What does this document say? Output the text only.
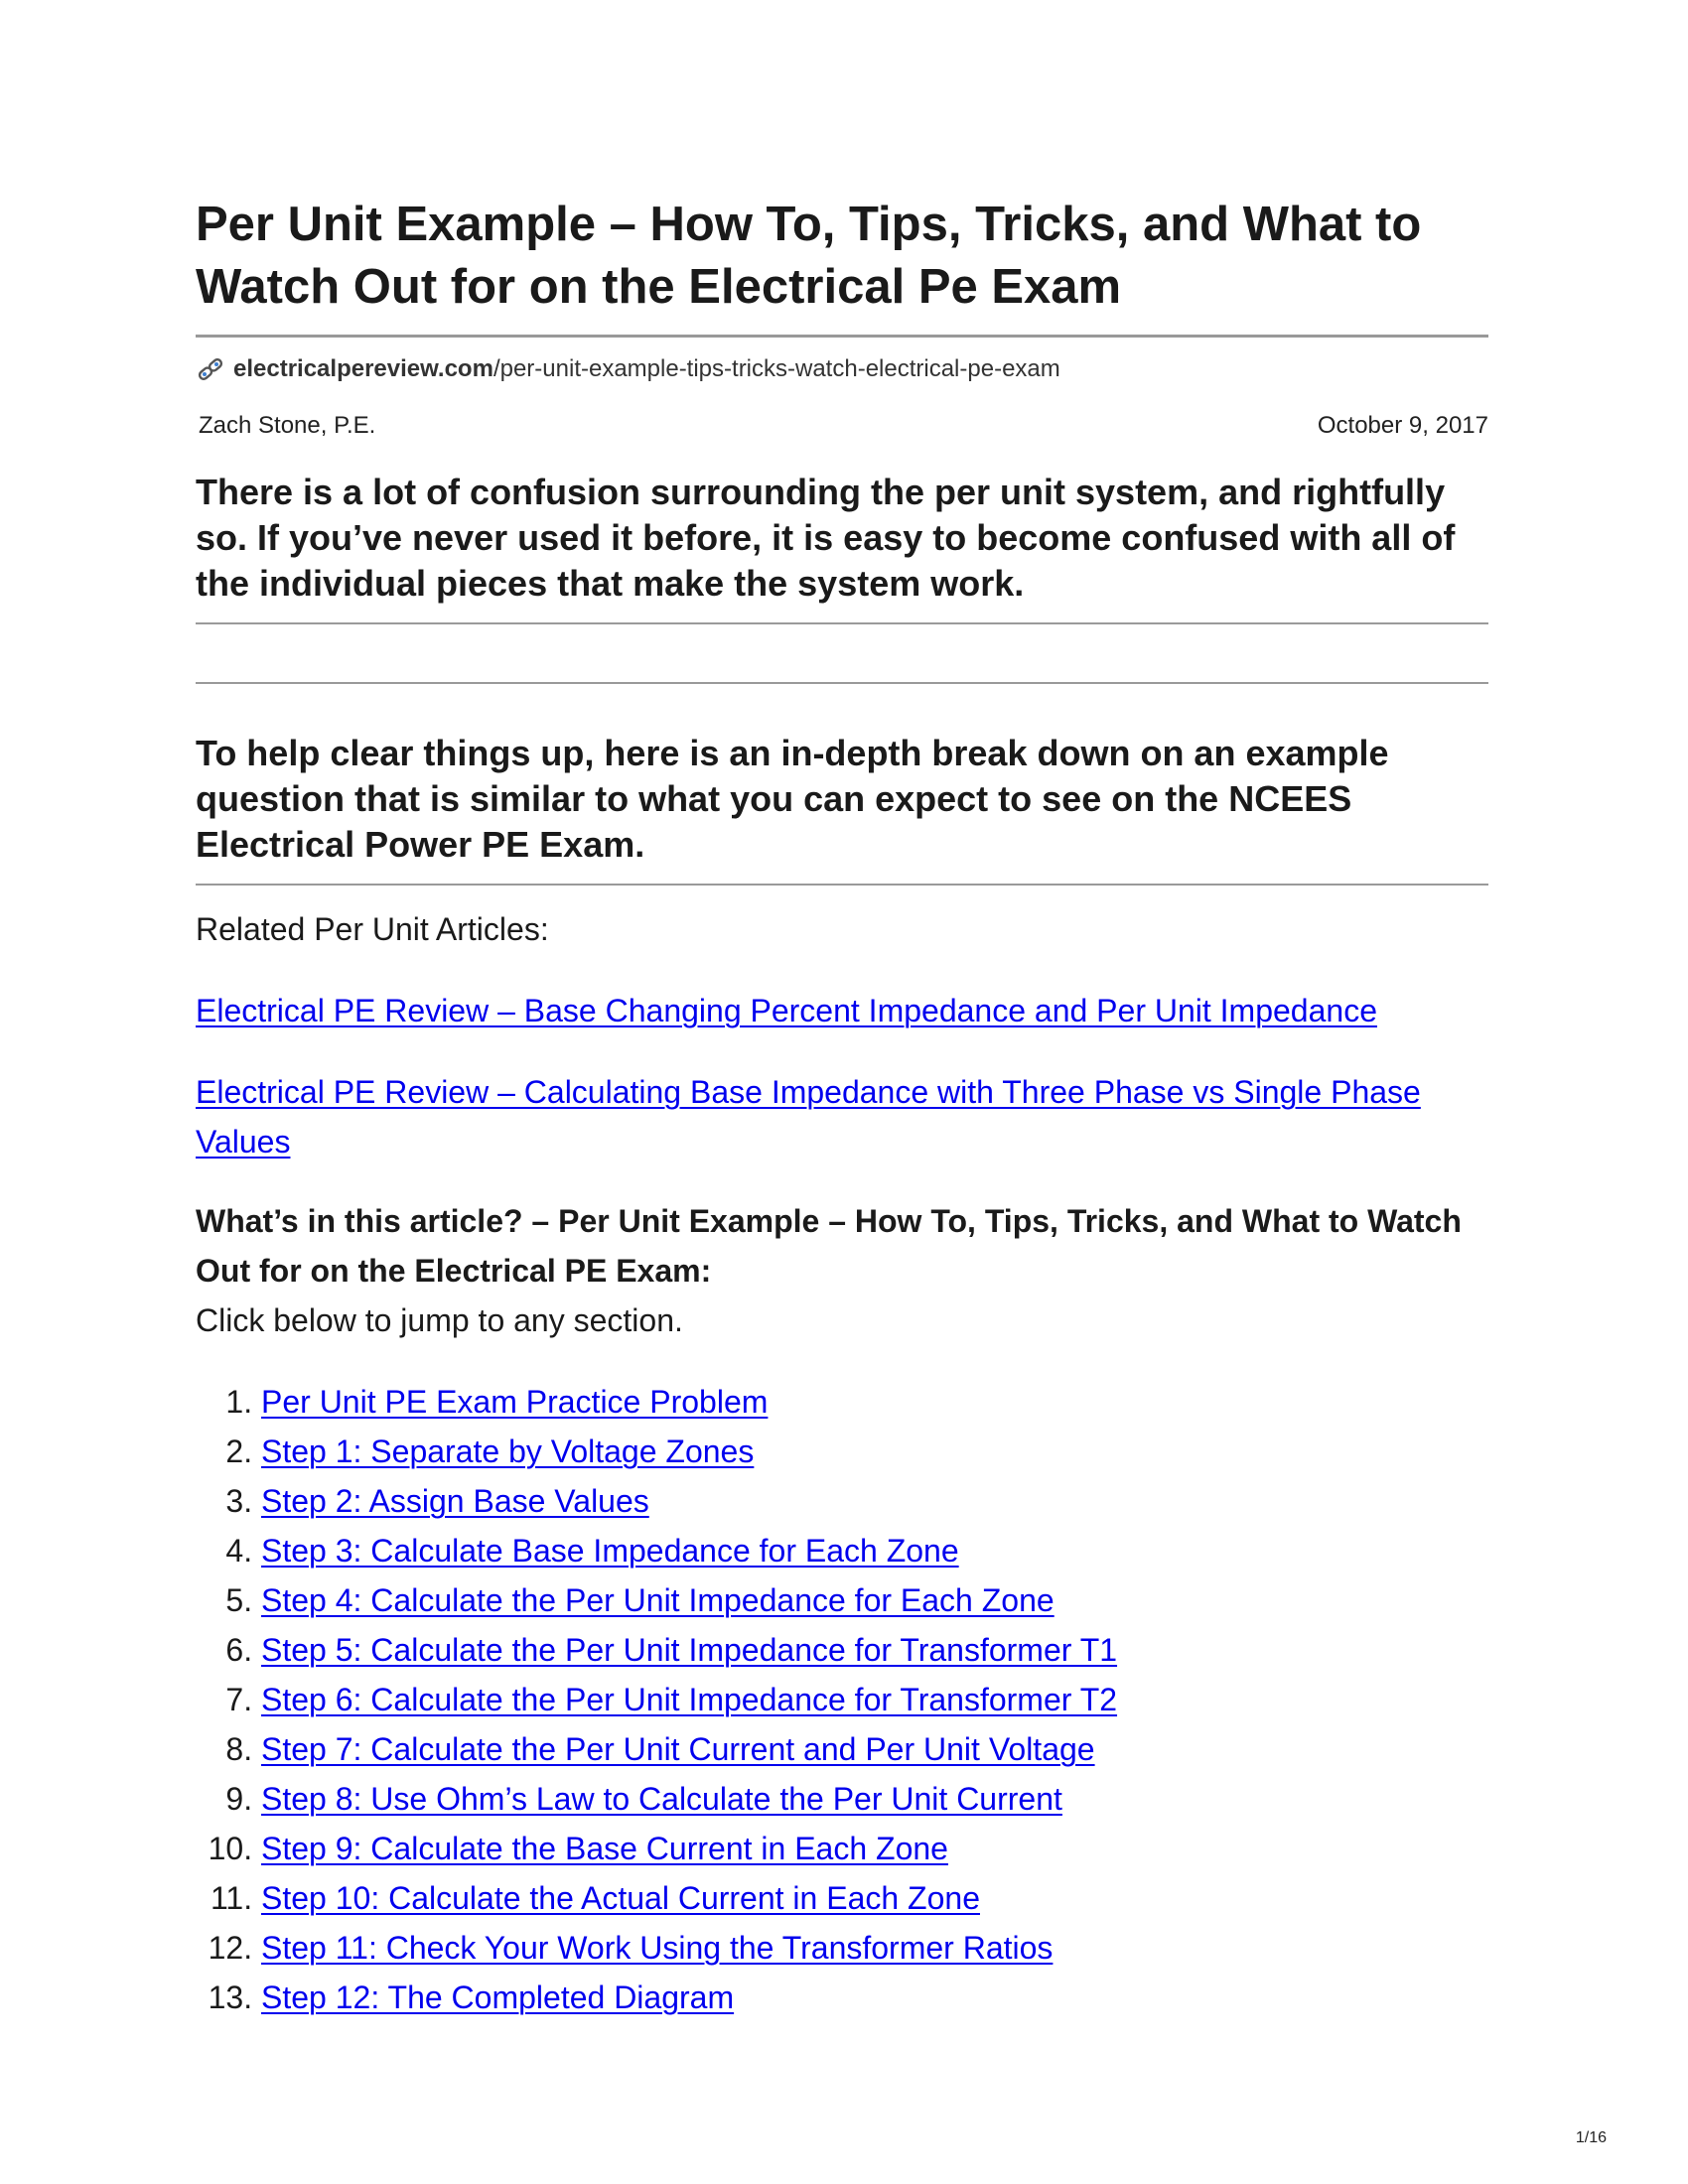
Per Unit Example – How To, Tips, Tricks, and What to Watch Out for on the Electrical Pe Exam
electricalpereview.com /per-unit-example-tips-tricks-watch-electrical-pe-exam
Zach Stone, P.E.	October 9, 2017

There is a lot of confusion surrounding the per unit system, and rightfully so. If you’ve never used it before, it is easy to become confused with all of the individual pieces that make the system work.

To help clear things up, here is an in-depth break down on an example question that is similar to what you can expect to see on the NCEES Electrical Power PE Exam.

Related Per Unit Articles:

Electrical PE Review – Base Changing Percent Impedance and Per Unit Impedance

Electrical PE Review – Calculating Base Impedance with Three Phase vs Single Phase Values

What’s in this article? – Per Unit Example – How To, Tips, Tricks, and What to Watch Out for on the Electrical PE Exam:

Click below to jump to any section.

1. Per Unit PE Exam Practice Problem
2. Step 1: Separate by Voltage Zones
3. Step 2: Assign Base Values
4. Step 3: Calculate Base Impedance for Each Zone
5. Step 4: Calculate the Per Unit Impedance for Each Zone
6. Step 5: Calculate the Per Unit Impedance for Transformer T1
7. Step 6: Calculate the Per Unit Impedance for Transformer T2
8. Step 7: Calculate the Per Unit Current and Per Unit Voltage
9. Step 8: Use Ohm’s Law to Calculate the Per Unit Current
10. Step 9: Calculate the Base Current in Each Zone
11. Step 10: Calculate the Actual Current in Each Zone
12. Step 11: Check Your Work Using the Transformer Ratios
13. Step 12: The Completed Diagram
1/16
